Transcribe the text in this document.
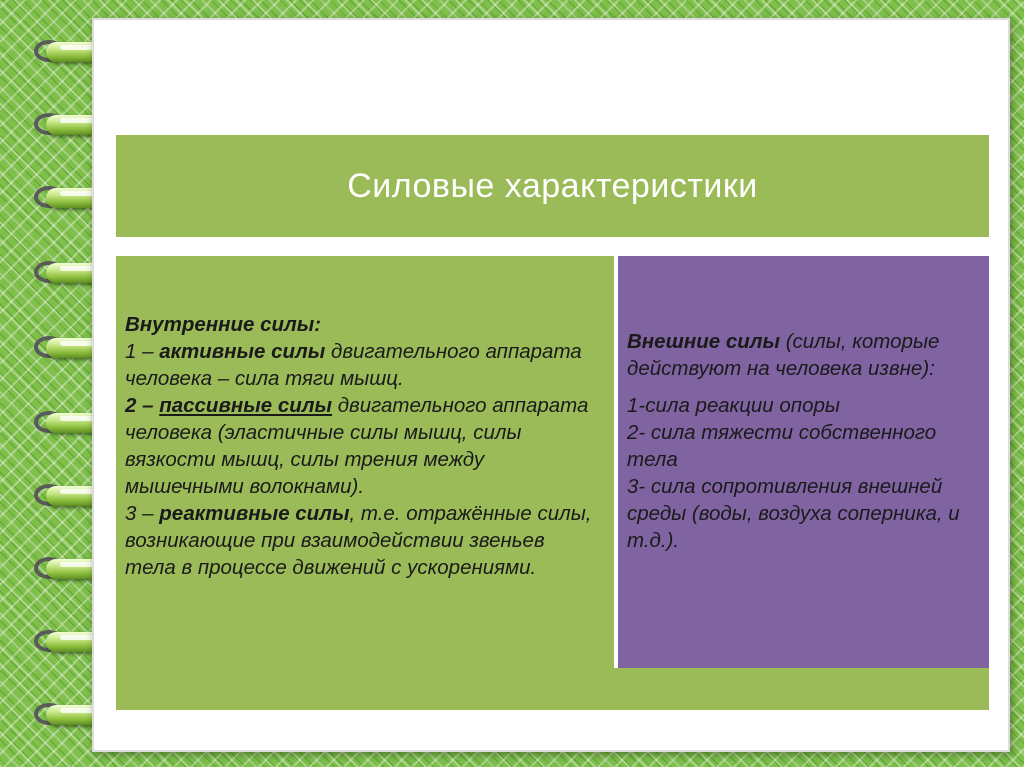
Силовые характеристики
Внутренние силы:
1 – активные силы двигательного аппарата человека – сила тяги мышц.
2 – пассивные силы двигательного аппарата человека (эластичные силы мышц, силы вязкости мышц, силы трения между мышечными волокнами).
3 – реактивные силы, т.е. отражённые силы, возникающие при взаимодействии звеньев тела в процессе движений с ускорениями.
Внешние силы (силы, которые действуют на человека извне):
1-сила реакции опоры
2- сила тяжести собственного тела
3- сила сопротивления внешней среды (воды, воздуха соперника, и т.д.).
